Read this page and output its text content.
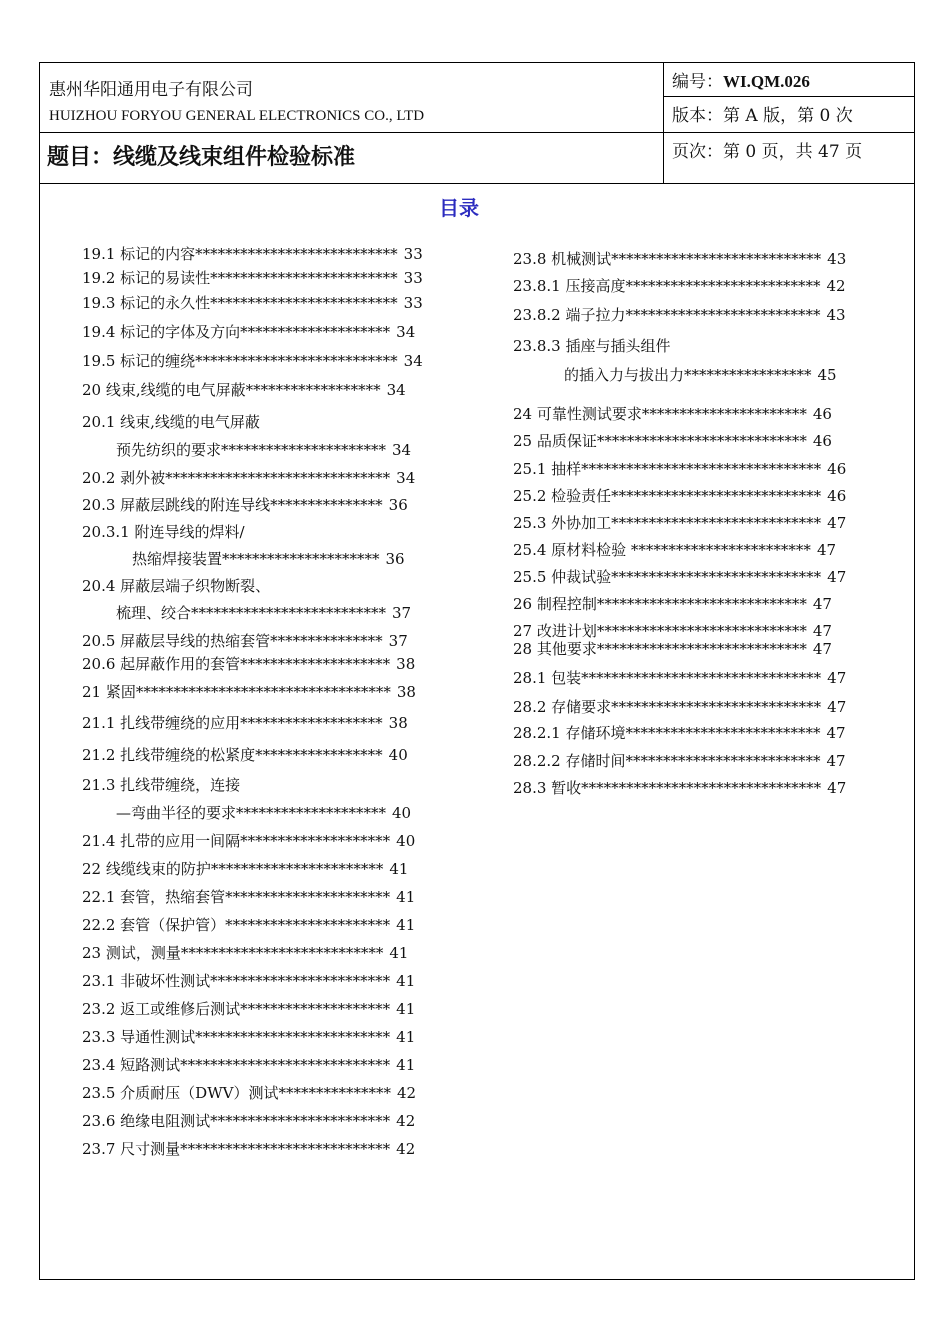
惠州华阳通用电子有限公司
HUIZHOU FORYOU GENERAL ELECTRONICS CO., LTD
题目：线缆及线束组件检验标准
编号：WI.QM.026
版本：第 A 版，第 0 次
页次：第 0 页，共 47 页
目录
19.1 标记的内容*************************** 33
19.2 标记的易读性************************* 33
19.3 标记的永久性************************* 33
19.4 标记的字体及方向******************** 34
19.5 标记的缠绕*************************** 34
20 线束,线缆的电气屏蔽****************** 34
20.1 线束,线缆的电气屏蔽
预先纺织的要求********************** 34
20.2 剥外被****************************** 34
20.3 屏蔽层跳线的附连导线*************** 36
20.3.1 附连导线的焊料/
热缩焊接装置********************* 36
20.4 屏蔽层端子织物断裂、
梳理、绞合************************** 37
20.5 屏蔽层导线的热缩套管*************** 37
20.6 起屏蔽作用的套管******************** 38
21 紧固********************************** 38
21.1 扎线带缠绕的应用******************* 38
21.2 扎线带缠绕的松紧度***************** 40
21.3 扎线带缠绕，连接
—弯曲半径的要求******************** 40
21.4 扎带的应用一间隔******************** 40
22 线缆线束的防护*********************** 41
22.1 套管，热缩套管********************** 41
22.2 套管（保护管）********************** 41
23 测试，测量*************************** 41
23.1 非破坏性测试************************ 41
23.2 返工或维修后测试******************** 41
23.3 导通性测试************************** 41
23.4 短路测试**************************** 41
23.5 介质耐压（DWV）测试*************** 42
23.6 绝缘电阻测试************************ 42
23.7 尺寸测量**************************** 42
23.8 机械测试**************************** 43
23.8.1 压接高度************************** 42
23.8.2 端子拉力************************** 43
23.8.3 插座与插头组件
的插入力与拔出力***************** 45
24 可靠性测试要求********************** 46
25 品质保证**************************** 46
25.1 抽样******************************** 46
25.2 检验责任**************************** 46
25.3 外协加工**************************** 47
25.4 原材料检验 ************************ 47
25.5 仲裁试验**************************** 47
26 制程控制**************************** 47
27 改进计划**************************** 47
28 其他要求**************************** 47
28.1 包装******************************** 47
28.2 存储要求**************************** 47
28.2.1 存储环境************************** 47
28.2.2 存储时间************************** 47
28.3 暂收******************************** 47
